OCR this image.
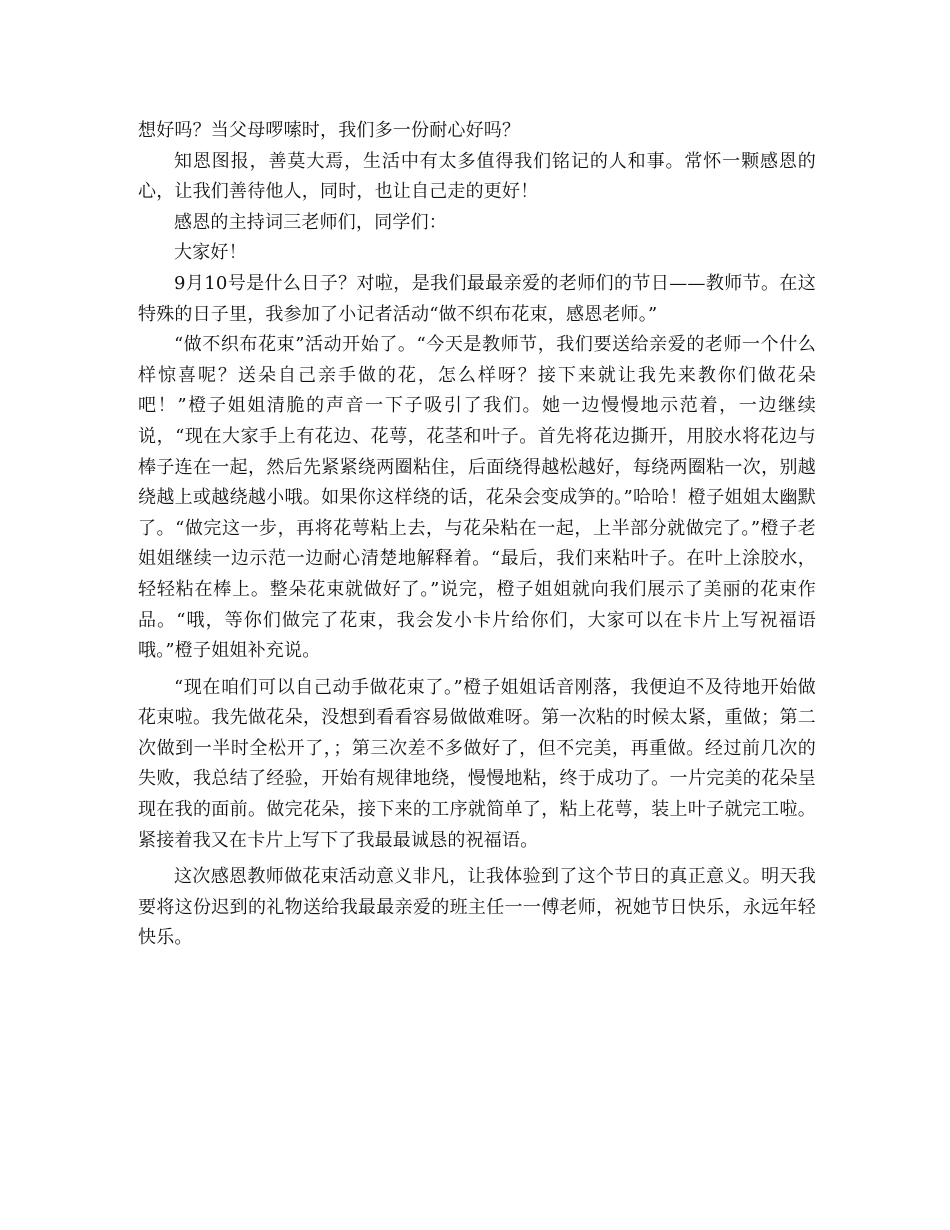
想好吗？当父母啰嗦时，我们多一份耐心好吗？

知恩图报，善莫大焉，生活中有太多值得我们铭记的人和事。常怀一颗感恩的心，让我们善待他人，同时，也让自己走的更好！

感恩的主持词三老师们，同学们：

大家好！

9月10号是什么日子？对啦，是我们最最亲爱的老师们的节日——教师节。在这特殊的日子里，我参加了小记者活动“做不织布花束，感恩老师。”

“做不织布花束”活动开始了。“今天是教师节，我们要送给亲爱的老师一个什么样惊喜呢？送朵自己亲手做的花，怎么样呀？接下来就让我先来教你们做花朵吧！”橙子姐姐清脆的声音一下子吸引了我们。她一边慢慢地示范着，一边继续说，“现在大家手上有花边、花萼，花茎和叶子。首先将花边撕开，用胶水将花边与棒子连在一起，然后先紧紧绕两圈粘住，后面绕得越松越好，每绕两圈粘一次，别越绕越上或越绕越小哦。如果你这样绕的话，花朵会变成笋的。”哈哈！橙子姐姐太幽默了。“做完这一步，再将花萼粘上去，与花朵粘在一起，上半部分就做完了。”橙子老姐姐继续一边示范一边耐心清楚地解释着。“最后，我们来粘叶子。在叶上涂胶水，轻轻粘在棒上。整朵花束就做好了。”说完，橙子姐姐就向我们展示了美丽的花束作品。“哦，等你们做完了花束，我会发小卡片给你们，大家可以在卡片上写祝福语哦。”橙子姐姐补充说。

“现在咱们可以自己动手做花束了。”橙子姐姐话音刚落，我便迫不及待地开始做花束啦。我先做花朵，没想到看看容易做做难呀。第一次粘的时候太紧，重做；第二次做到一半时全松开了，；第三次差不多做好了，但不完美，再重做。经过前几次的失败，我总结了经验，开始有规律地绕，慢慢地粘，终于成功了。一片完美的花朵呈现在我的面前。做完花朵，接下来的工序就简单了，粘上花萼，装上叶子就完工啦。紧接着我又在卡片上写下了我最最诚恳的祝福语。

这次感恩教师做花束活动意义非凡，让我体验到了这个节日的真正意义。明天我要将这份迟到的礼物送给我最最亲爱的班主任一一傅老师，祝她节日快乐，永远年轻快乐。
